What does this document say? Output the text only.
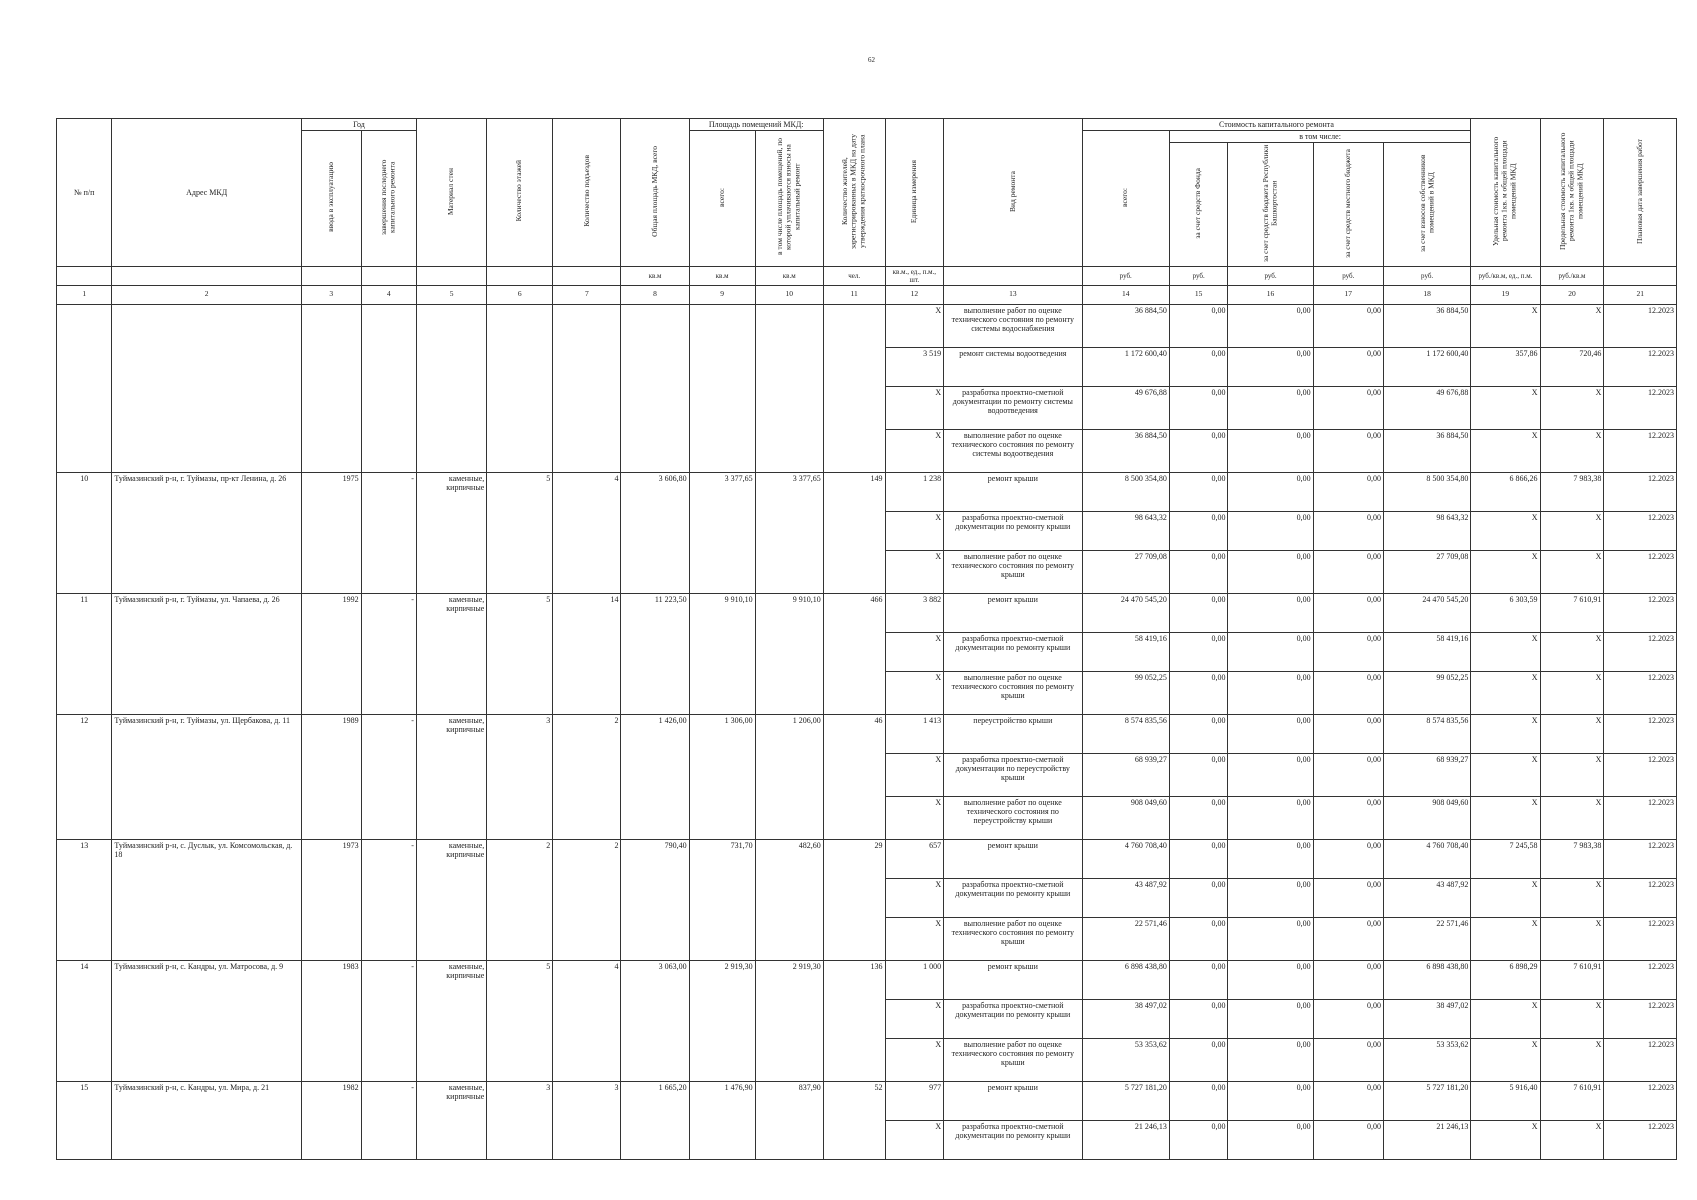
62
№ п/п	Адрес МКД	Год		Материал стен	Количество этажей	Количество подъездов	Общая площадь МКД, всего	Площадь помещений МКД:		Количество жителей, зарегистрированных в МКД на дату утверждения краткосрочного плана	Единица измерения	Вид ремонта	Стоимость капитального ремонта					Удельная стоимость капитального ремонта 1кв. м общей площади помещений МКД	Предельная стоимость капитального ремонта 1кв. м общей площади помещений МКД	Плановая дата завершения работ
		ввода в эксплуатацию	завершения последнего капитального ремонта					всего:	в том числе площадь помещений, по которой уплачиваются взносы на капитальный ремонт				всего:	в том числе:						
														за счет средств Фонда	за счет средств бюджета Республики Башкортостан	за счет средств местного бюджета	за счет взносов собственников помещений в МКД			
							кв.м	кв.м	кв.м	чел.	кв.м., ед., п.м., шт.		руб.	руб.	руб.	руб.	руб.	руб./кв.м, ед., п.м.	руб./кв.м	
1	2	3	4	5	6	7	8	9	10	11	12	13	14	15	16	17	18	19	20	21
											X	выполнение работ по оценке технического состояния по ремонту системы водоснабжения	36 884,50	0,00	0,00	0,00	36 884,50	X	X	12.2023
											3 519	ремонт системы водоотведения	1 172 600,40	0,00	0,00	0,00	1 172 600,40	357,86	720,46	12.2023
											X	разработка проектно-сметной документации по ремонту системы водоотведения	49 676,88	0,00	0,00	0,00	49 676,88	X	X	12.2023
											X	выполнение работ по оценке технического состояния по ремонту системы водоотведения	36 884,50	0,00	0,00	0,00	36 884,50	X	X	12.2023
10	Туймазинский р-н, г. Туймазы, пр-кт Ленина, д. 26	1975	-	каменные, кирпичные	5	4	3 606,80	3 377,65	3 377,65	149	1 238	ремонт крыши	8 500 354,80	0,00	0,00	0,00	8 500 354,80	6 866,26	7 983,38	12.2023
											X	разработка проектно-сметной документации по ремонту крыши	98 643,32	0,00	0,00	0,00	98 643,32	X	X	12.2023
											X	выполнение работ по оценке технического состояния по ремонту крыши	27 709,08	0,00	0,00	0,00	27 709,08	X	X	12.2023
11	Туймазинский р-н, г. Туймазы, ул. Чапаева, д. 26	1992	-	каменные, кирпичные	5	14	11 223,50	9 910,10	9 910,10	466	3 882	ремонт крыши	24 470 545,20	0,00	0,00	0,00	24 470 545,20	6 303,59	7 610,91	12.2023
											X	разработка проектно-сметной документации по ремонту крыши	58 419,16	0,00	0,00	0,00	58 419,16	X	X	12.2023
											X	выполнение работ по оценке технического состояния по ремонту крыши	99 052,25	0,00	0,00	0,00	99 052,25	X	X	12.2023
12	Туймазинский р-н, г. Туймазы, ул. Щербакова, д. 11	1989	-	каменные, кирпичные	3	2	1 426,00	1 306,00	1 206,00	46	1 413	переустройство крыши	8 574 835,56	0,00	0,00	0,00	8 574 835,56	X	X	12.2023
											X	разработка проектно-сметной документации по переустройству крыши	68 939,27	0,00	0,00	0,00	68 939,27	X	X	12.2023
											X	выполнение работ по оценке технического состояния по переустройству крыши	908 049,60	0,00	0,00	0,00	908 049,60	X	X	12.2023
13	Туймазинский р-н, с. Дуслык, ул. Комсомольская, д. 18	1973	-	каменные, кирпичные	2	2	790,40	731,70	482,60	29	657	ремонт крыши	4 760 708,40	0,00	0,00	0,00	4 760 708,40	7 245,58	7 983,38	12.2023
											X	разработка проектно-сметной документации по ремонту крыши	43 487,92	0,00	0,00	0,00	43 487,92	X	X	12.2023
											X	выполнение работ по оценке технического состояния по ремонту крыши	22 571,46	0,00	0,00	0,00	22 571,46	X	X	12.2023
14	Туймазинский р-н, с. Кандры, ул. Матросова, д. 9	1983	-	каменные, кирпичные	5	4	3 063,00	2 919,30	2 919,30	136	1 000	ремонт крыши	6 898 438,80	0,00	0,00	0,00	6 898 438,80	6 898,29	7 610,91	12.2023
											X	разработка проектно-сметной документации по ремонту крыши	38 497,02	0,00	0,00	0,00	38 497,02	X	X	12.2023
											X	выполнение работ по оценке технического состояния по ремонту крыши	53 353,62	0,00	0,00	0,00	53 353,62	X	X	12.2023
15	Туймазинский р-н, с. Кандры, ул. Мира, д. 21	1982	-	каменные, кирпичные	3	3	1 665,20	1 476,90	837,90	52	977	ремонт крыши	5 727 181,20	0,00	0,00	0,00	5 727 181,20	5 916,40	7 610,91	12.2023
											X	разработка проектно-сметной документации по ремонту крыши	21 246,13	0,00	0,00	0,00	21 246,13	X	X	12.2023
